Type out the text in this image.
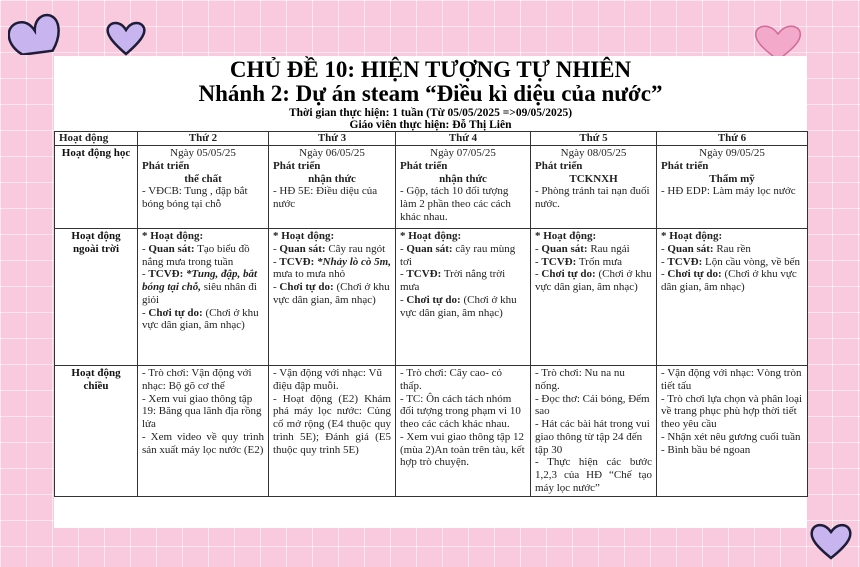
CHỦ ĐỀ 10: HIỆN TƯỢNG TỰ NHIÊN
Nhánh 2: Dự án steam “Điều kì diệu của nước”
Thời gian thực hiện: 1 tuần (Từ 05/05/2025 =>09/05/2025)
Giáo viên thực hiện: Đỗ Thị Liên
Hoạt động	Thứ 2	Thứ 3	Thứ 4	Thứ 5	Thứ 6
Hoạt động học	Ngày 05/05/25
Phát triển
thể chất
- VĐCB: Tung , đập bắt bóng bóng tại chỗ	Ngày 06/05/25
Phát triển
nhận thức
- HĐ 5E: Điều diệu của nước	Ngày 07/05/25
Phát triển
nhận thức
- Gộp, tách 10 đối tượng làm 2 phần theo các cách khác nhau.	Ngày 08/05/25
Phát triển
TCKNXH
- Phòng tránh tai nạn đuối nước.	Ngày 09/05/25
Phát triển
Thẩm mỹ
- HĐ EDP: Làm máy lọc nước

Hoạt động ngoài trời	* Hoạt động:
- Quan sát: Tạo biểu đồ nắng mưa trong tuần
- TCVĐ: *Tung, đập, bắt bóng tại chỗ, siêu nhân đi giỏi
- Chơi tự do: (Chơi ở khu vực dân gian, âm nhạc)	* Hoạt động:
- Quan sát: Cây rau ngót
- TCVĐ: *Nhảy lò cò 5m, mưa to mưa nhỏ
- Chơi tự do: (Chơi ở khu vực dân gian, âm nhạc)	* Hoạt động:
- Quan sát: cây rau mùng tơi
- TCVĐ: Trời nắng trời mưa
- Chơi tự do: (Chơi ở khu vực dân gian, âm nhạc)	* Hoạt động:
- Quan sát: Rau ngải
- TCVĐ: Trốn mưa
- Chơi tự do: (Chơi ở khu vực dân gian, âm nhạc)	* Hoạt động:
- Quan sát: Rau rền
- TCVĐ: Lộn cầu vòng, về bến
- Chơi tự do: (Chơi ở khu vực dân gian, âm nhạc)

Hoạt động chiều	- Trò chơi: Vận động với nhạc: Bộ gõ cơ thể
- Xem vui giao thông tập 19: Băng qua lãnh địa rồng lửa
- Xem video về quy trình sản xuất máy lọc nước (E2)	- Vận động với nhạc: Vũ điệu đập muỗi.
- Hoạt động (E2) Khám phá máy lọc nước: Củng cố mở rộng (E4 thuộc quy trình 5E); Đánh giá (E5 thuộc quy trình 5E)	- Trò chơi: Cây cao- cỏ thấp.
- TC: Ôn cách tách nhóm đối tượng trong phạm vi 10 theo các cách khác nhau.
- Xem vui giao thông tập 12 (mùa 2)An toàn trên tàu, kết hợp trò chuyện.	- Trò chơi: Nu na nu nống.
- Đọc thơ: Cái bóng, Đếm sao
- Hát các bài hát trong vui giao thông từ tập 24 đến tập 30
- Thực hiện các bước 1,2,3 của HĐ “Chế tạo máy lọc nước”	- Vận động với nhạc: Vòng tròn tiết tấu
- Trò chơi lựa chọn và phân loại về trang phục phù hợp thời tiết theo yêu cầu
- Nhận xét nêu gương cuối tuần
- Bình bầu bé ngoan
